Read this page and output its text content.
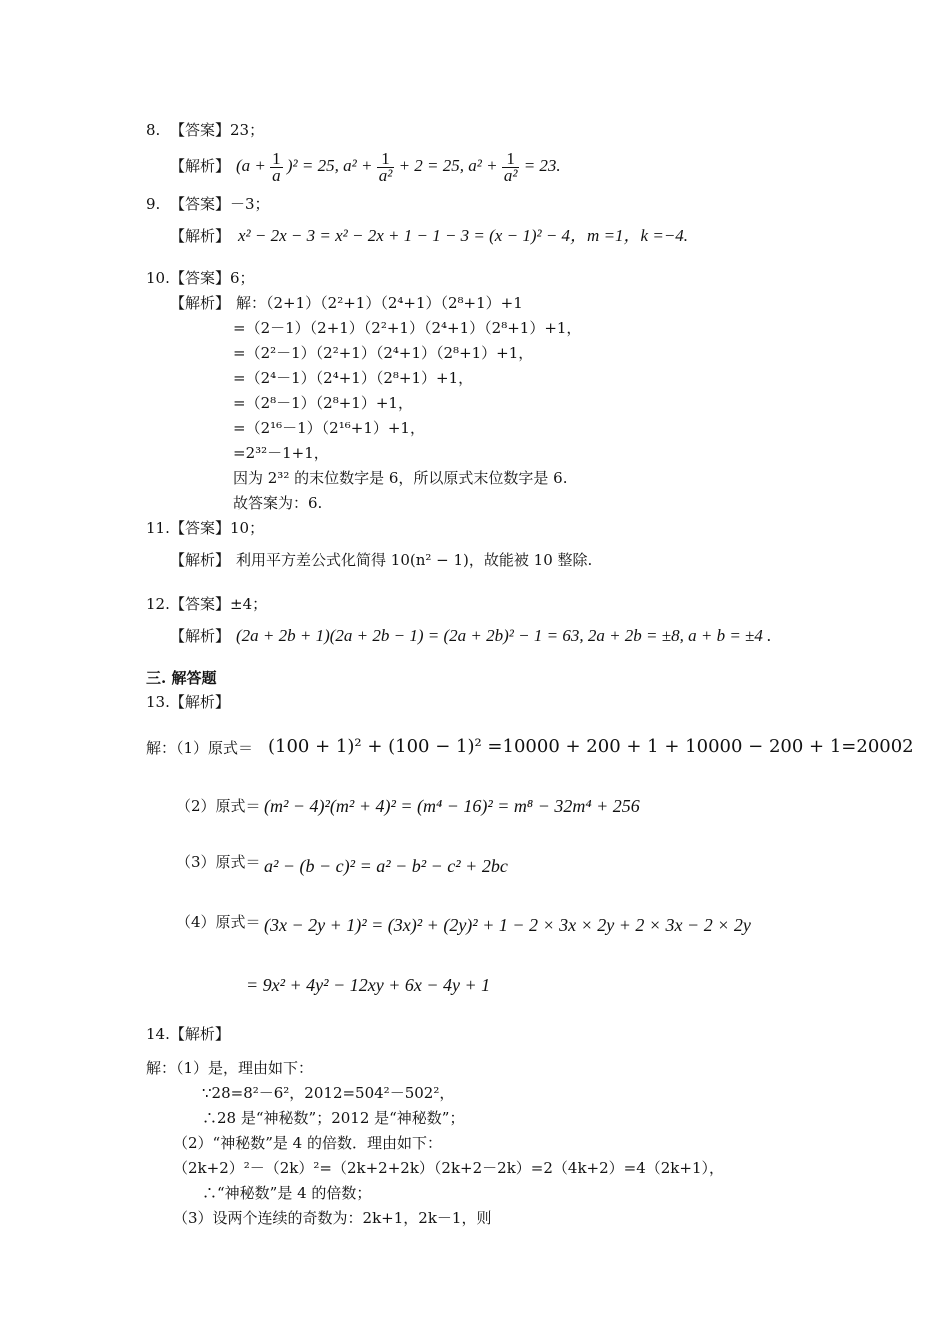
8. 【答案】23；
【解析】 $(a + \frac{1}{a} )^2 = 25$, $a^2 + \frac{1}{\text{a²}} + 2 = 25$, $a^2 + \frac{1}{\text{a²}} = 23$.
9. 【答案】－3；
【解析】 x² − 2x − 3 = x² − 2x + 1 − 1 − 3 = (x − 1)² − 4，m =1，k =−4.
10. 【答案】6；
【解析】 解：（2+1）（2²+1）（2⁴+1）（2⁸+1）+1
=（2－1）（2+1）（2²+1）（2⁴+1）（2⁸+1）+1，
=（2²－1）（2²+1）（2⁴+1）（2⁸+1）+1，
=（2⁴－1）（2⁴+1）（2⁸+1）+1，
=（2⁸－1）（2⁸+1）+1，
=（2¹⁶－1）（2¹⁶+1）+1，
=2³²－1+1，
因为 2³² 的末位数字是 6，所以原式末位数字是 6.
故答案为：6.
11. 【答案】10；
【解析】 利用平方差公式化简得 10(n² − 1)，故能被 10 整除.
12. 【答案】±4；
【解析】 (2a + 2b + 1)(2a + 2b − 1) = (2a + 2b)² − 1 = 63, 2a + 2b = ±8, a + b = ±4 .
三. 解答题
13.【解析】
解：（1）原式＝ (100 + 1)² + (100 − 1)² =10000 + 200 + 1 + 10000 − 200 + 1=20002
（2）原式＝ (m² − 4)²(m² + 4)² = (m⁴ − 16)² = m⁸ − 32m⁴ + 256
（3）原式＝ a² − (b − c)² = a² − b² − c² + 2bc
（4）原式＝ (3x − 2y + 1)² = (3x)² + (2y)² + 1 − 2 × 3x × 2y + 2 × 3x − 2 × 2y
= 9x² + 4y² − 12xy + 6x − 4y + 1
14.【解析】
解：（1）是，理由如下：
∵28=8²－6²，2012=504²－502²，
∴28 是“神秘数”；2012 是“神秘数”；
（2）“神秘数”是 4 的倍数．理由如下：
（2k+2）²－（2k）²=（2k+2+2k）（2k+2－2k）=2（4k+2）=4（2k+1），
∴“神秘数”是 4 的倍数；
（3）设两个连续的奇数为：2k+1，2k－1，则
